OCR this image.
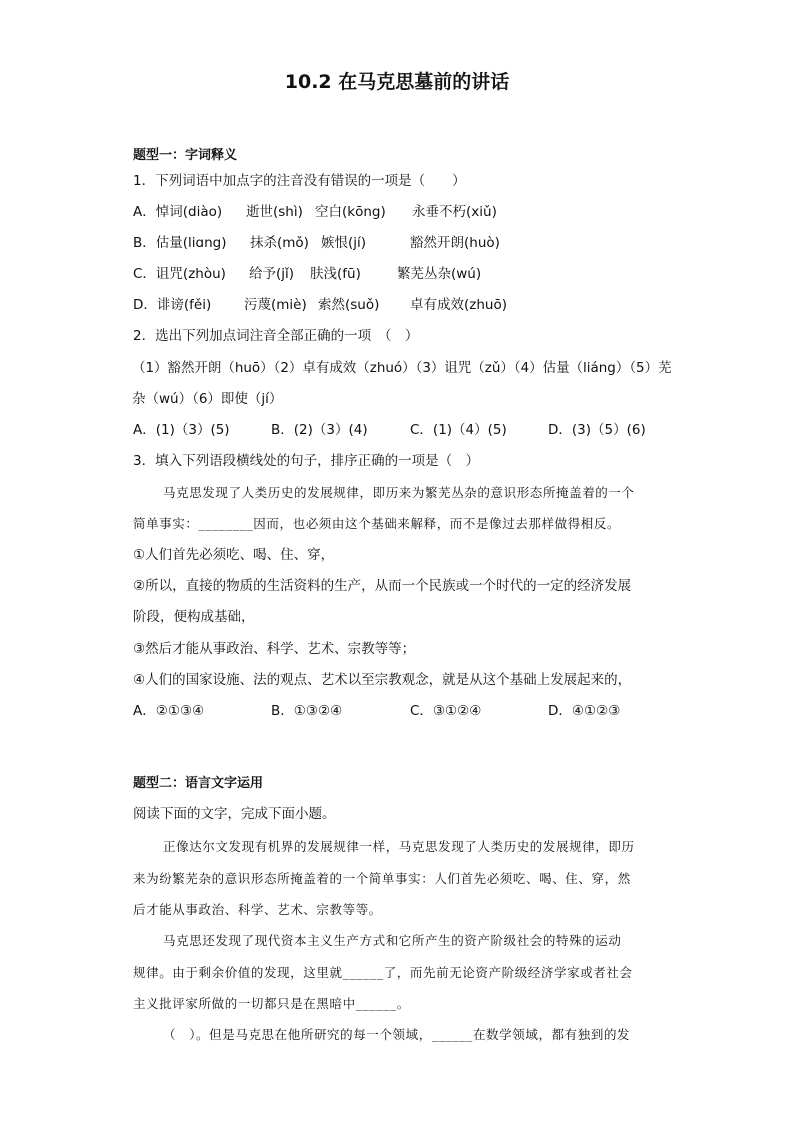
10.2 在马克思墓前的讲话
题型一：字词释义
1．下列词语中加点字的注音没有错误的一项是（　　）
A．悼词(diào) 逝世(shì) 空白(kōng) 永垂不朽(xiǔ)
B．估量(liɑng) 抹杀(mǒ) 嫉恨(jí)	豁然开朗(huò)
C．诅咒(zhòu) 给予(jǐ) 肤浅(fū)	繁芜丛杂(wú)
D．诽谤(fěi) 污蔑(miè) 索然(suǒ) 卓有成效(zhuō)
2．选出下列加点词注音全部正确的一项　（　）
（1）豁然开朗（huō）（2）卓有成效（zhuó）（3）诅咒（zǔ）（4）估量（liáng）（5）芜
杂（wú）（6）即使（jí）
A．(1)（3）(5)	B．(2)（3）(4)	C．(1)（4）(5)	D．(3)（5）(6)
3．填入下列语段横线处的句子，排序正确的一项是（　）
马克思发现了人类历史的发展规律，即历来为繁芜丛杂的意识形态所掩盖着的一个
简单事实：________因而，也必须由这个基础来解释，而不是像过去那样做得相反。
①人们首先必须吃、喝、住、穿，
②所以，直接的物质的生活资料的生产，从而一个民族或一个时代的一定的经济发展
阶段，便构成基础，
③然后才能从事政治、科学、艺术、宗教等等；
④人们的国家设施、法的观点、艺术以至宗教观念，就是从这个基础上发展起来的，
A．②①③④	B．①③②④	C．③①②④	D．④①②③
题型二：语言文字运用
阅读下面的文字，完成下面小题。
正像达尔文发现有机界的发展规律一样，马克思发现了人类历史的发展规律，即历
来为纷繁芜杂的意识形态所掩盖着的一个简单事实：人们首先必须吃、喝、住、穿，然
后才能从事政治、科学、艺术、宗教等等。
马克思还发现了现代资本主义生产方式和它所产生的资产阶级社会的特殊的运动
规律。由于剩余价值的发现，这里就______了，而先前无论资产阶级经济学家或者社会
主义批评家所做的一切都只是在黑暗中______。
（　）。但是马克思在他所研究的每一个领域，______在数学领域，都有独到的发
